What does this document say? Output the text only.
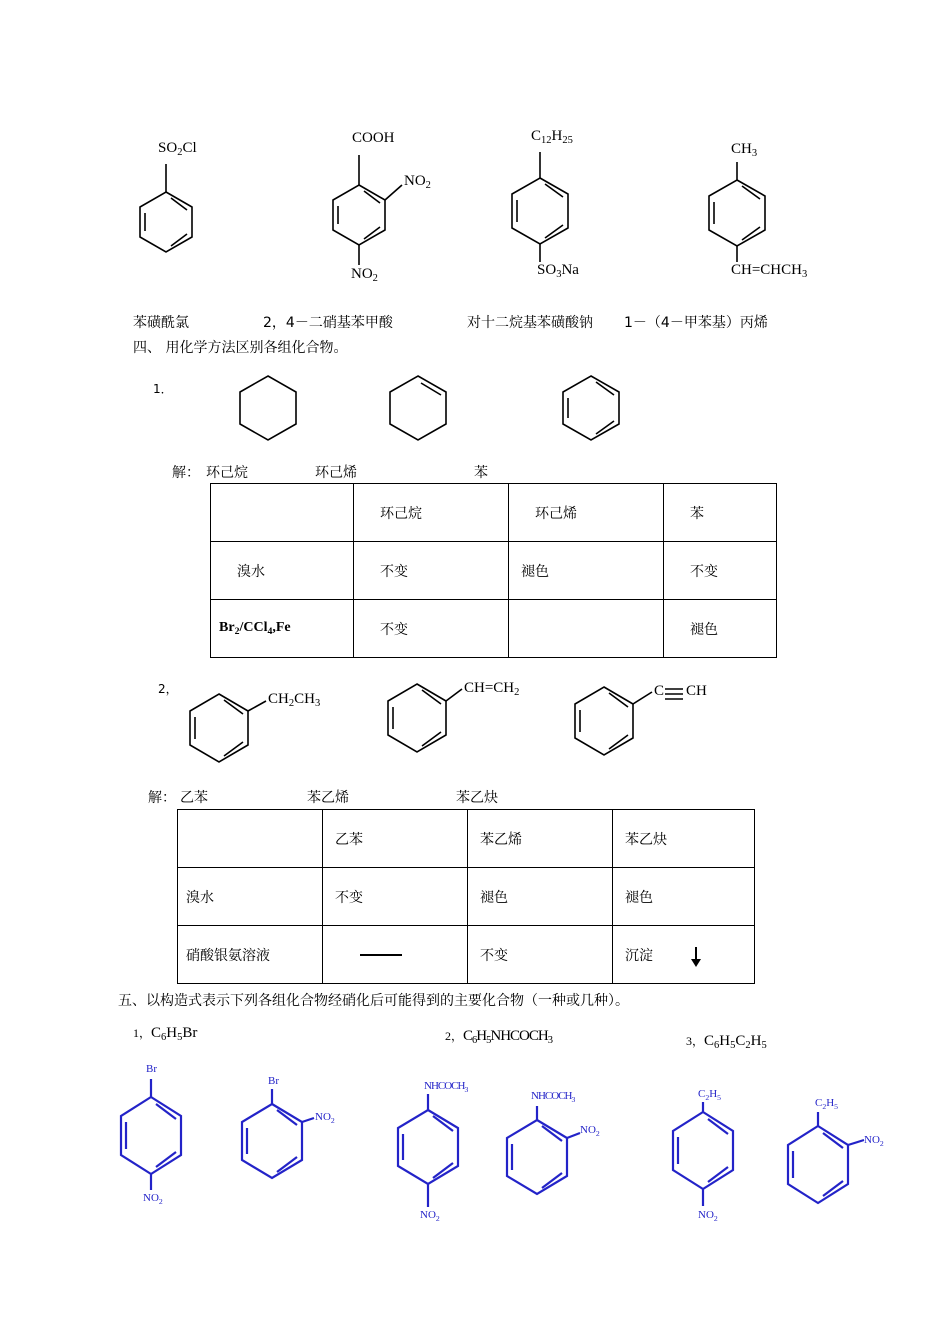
$SO_2Cl$
COOH
$NO_2$
$NO_2$
$C_{12}H_{25}$
$SO_3Na$
$CH_3$
$CH=CHCH_3$
苯磺酰氯	2，4－二硝基苯甲酸	对十二烷基苯磺酸钠 1－（4－甲苯基）丙烯
四、 用化学方法区别各组化合物。
1．
解： 环己烷	环己烯	苯
	环己烷	环己烯	苯
溴水	不变	褪色	不变
$Br_2/CCl_4,Fe$	不变		褪色
2，
$CH_2CH_3$
$CH=CH_2$	C CH
解： 乙苯	苯乙烯	苯乙炔
	乙苯	苯乙烯	苯乙炔
溴水	不变	褪色	褪色
硝酸银氨溶液		不变	沉淀
五、以构造式表示下列各组化合物经硝化后可能得到的主要化合物（一种或几种）。
1，$C_6H_5Br$	2，$C_6H_5NHCOCH_3$	3，$C_6H_5C_2H_5$
Br
$NO_2$
Br
$NO_2$
$NHCOCH_3$
$NO_2$
$NHCOCH_3$
$NO_2$
$C_2H_5$
$NO_2$
$C_2H_5$
$NO_2$
